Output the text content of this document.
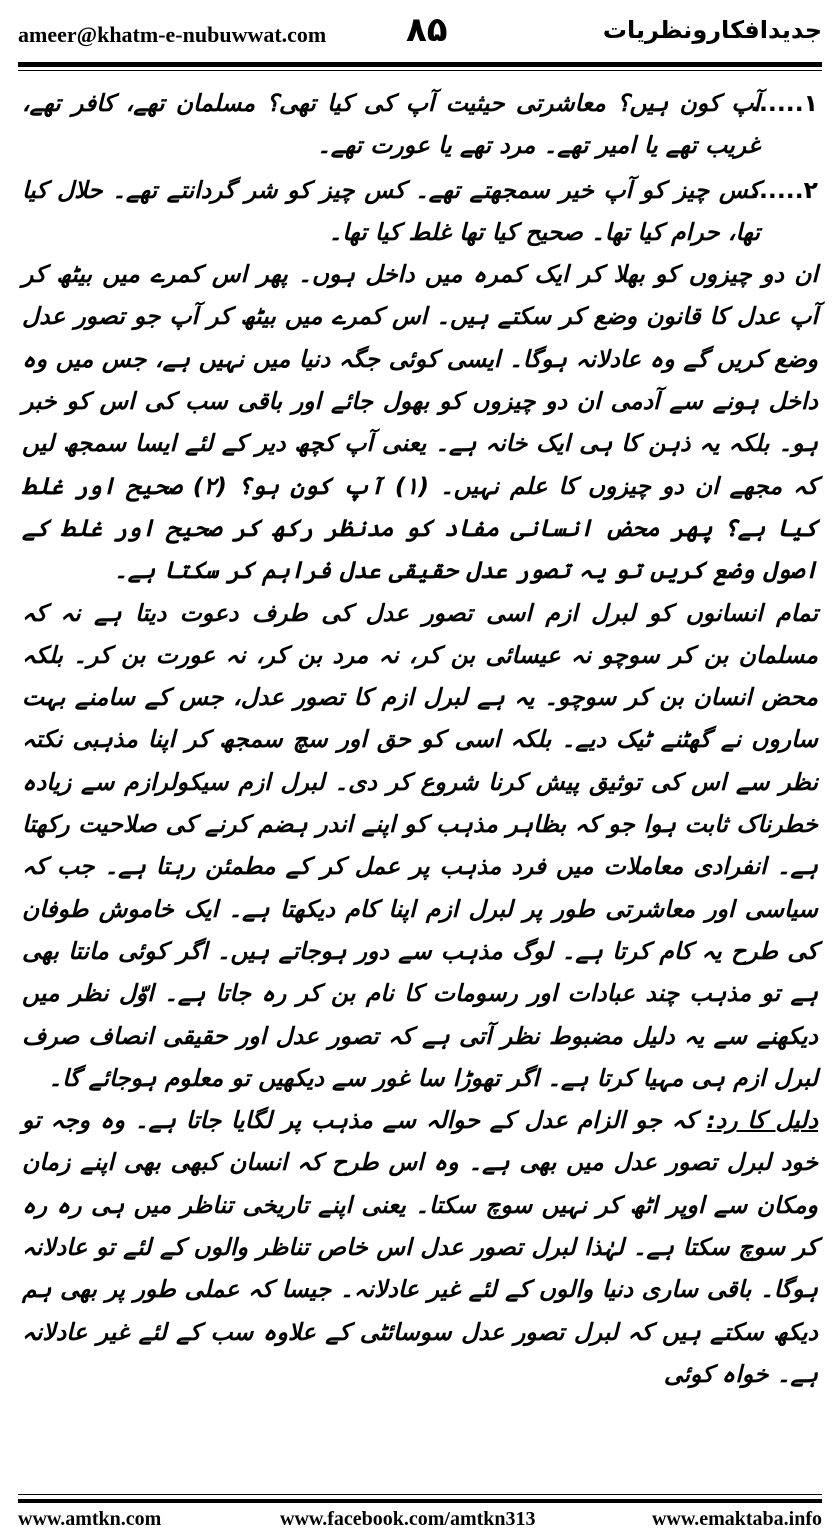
ameer@khatm-e-nubuwwat.com ۸۵	جدیدافکارونظریات
۱......
آپ کون ہیں؟ معاشرتی حیثیت آپ کی کیا تھی؟ مسلمان تھے، کافر تھے، غریب تھے یا امیر تھے۔ مرد تھے یا عورت تھے۔
۲......
کس چیز کو آپ خیر سمجھتے تھے۔ کس چیز کو شر گردانتے تھے۔ حلال کیا تھا، حرام کیا تھا۔ صحیح کیا تھا غلط کیا تھا۔

ان دو چیزوں کو بھلا کر ایک کمرہ میں داخل ہوں۔ پھر اس کمرے میں بیٹھ کر آپ عدل کا قانون وضع کر سکتے ہیں۔ اس کمرے میں بیٹھ کر آپ جو تصور عدل وضع کریں گے وہ عادلانہ ہوگا۔ ایسی کوئی جگہ دنیا میں نہیں ہے، جس میں وہ داخل ہونے سے آدمی ان دو چیزوں کو بھول جائے اور باقی سب کی اس کو خبر ہو۔ بلکہ یہ ذہن کا ہی ایک خانہ ہے۔ یعنی آپ کچھ دیر کے لئے ایسا سمجھ لیں کہ مجھے ان دو چیزوں کا علم نہیں۔ (۱) آپ کون ہو؟ (۲) صحیح اور غلط کیا ہے؟ پھر محض انسانی مفاد کو مدنظر رکھ کر صحیح اور غلط کے اصول وضع کریں تو یہ تصور عدل حقیقی عدل فراہم کر سکتا ہے۔

تمام انسانوں کو لبرل ازم اسی تصور عدل کی طرف دعوت دیتا ہے نہ کہ مسلمان بن کر سوچو نہ عیسائی بن کر، نہ مرد بن کر، نہ عورت بن کر۔ بلکہ محض انسان بن کر سوچو۔ یہ ہے لبرل ازم کا تصور عدل، جس کے سامنے بہت ساروں نے گھٹنے ٹیک دیے۔ بلکہ اسی کو حق اور سچ سمجھ کر اپنا مذہبی نکتہ نظر سے اس کی توثیق پیش کرنا شروع کر دی۔ لبرل ازم سیکولرازم سے زیادہ خطرناک ثابت ہوا جو کہ بظاہر مذہب کو اپنے اندر ہضم کرنے کی صلاحیت رکھتا ہے۔ انفرادی معاملات میں فرد مذہب پر عمل کر کے مطمئن رہتا ہے۔ جب کہ سیاسی اور معاشرتی طور پر لبرل ازم اپنا کام دیکھتا ہے۔ ایک خاموش طوفان کی طرح یہ کام کرتا ہے۔ لوگ مذہب سے دور ہوجاتے ہیں۔ اگر کوئی مانتا بھی ہے تو مذہب چند عبادات اور رسومات کا نام بن کر رہ جاتا ہے۔ اوّل نظر میں دیکھنے سے یہ دلیل مضبوط نظر آتی ہے کہ تصور عدل اور حقیقی انصاف صرف لبرل ازم ہی مہیا کرتا ہے۔ اگر تھوڑا سا غور سے دیکھیں تو معلوم ہوجائے گا۔

دلیل کا رد: کہ جو الزام عدل کے حوالہ سے مذہب پر لگایا جاتا ہے۔ وہ وجہ تو خود لبرل تصور عدل میں بھی ہے۔ وہ اس طرح کہ انسان کبھی بھی اپنے زمان ومکان سے اوپر اٹھ کر نہیں سوچ سکتا۔ یعنی اپنے تاریخی تناظر میں ہی رہ رہ کر سوچ سکتا ہے۔ لہٰذا لبرل تصور عدل اس خاص تناظر والوں کے لئے تو عادلانہ ہوگا۔ باقی ساری دنیا والوں کے لئے غیر عادلانہ۔ جیسا کہ عملی طور پر بھی ہم دیکھ سکتے ہیں کہ لبرل تصور عدل سوسائٹی کے علاوہ سب کے لئے غیر عادلانہ ہے۔ خواہ کوئی

www.amtkn.com	www.facebook.com/amtkn313	www.emaktaba.info
